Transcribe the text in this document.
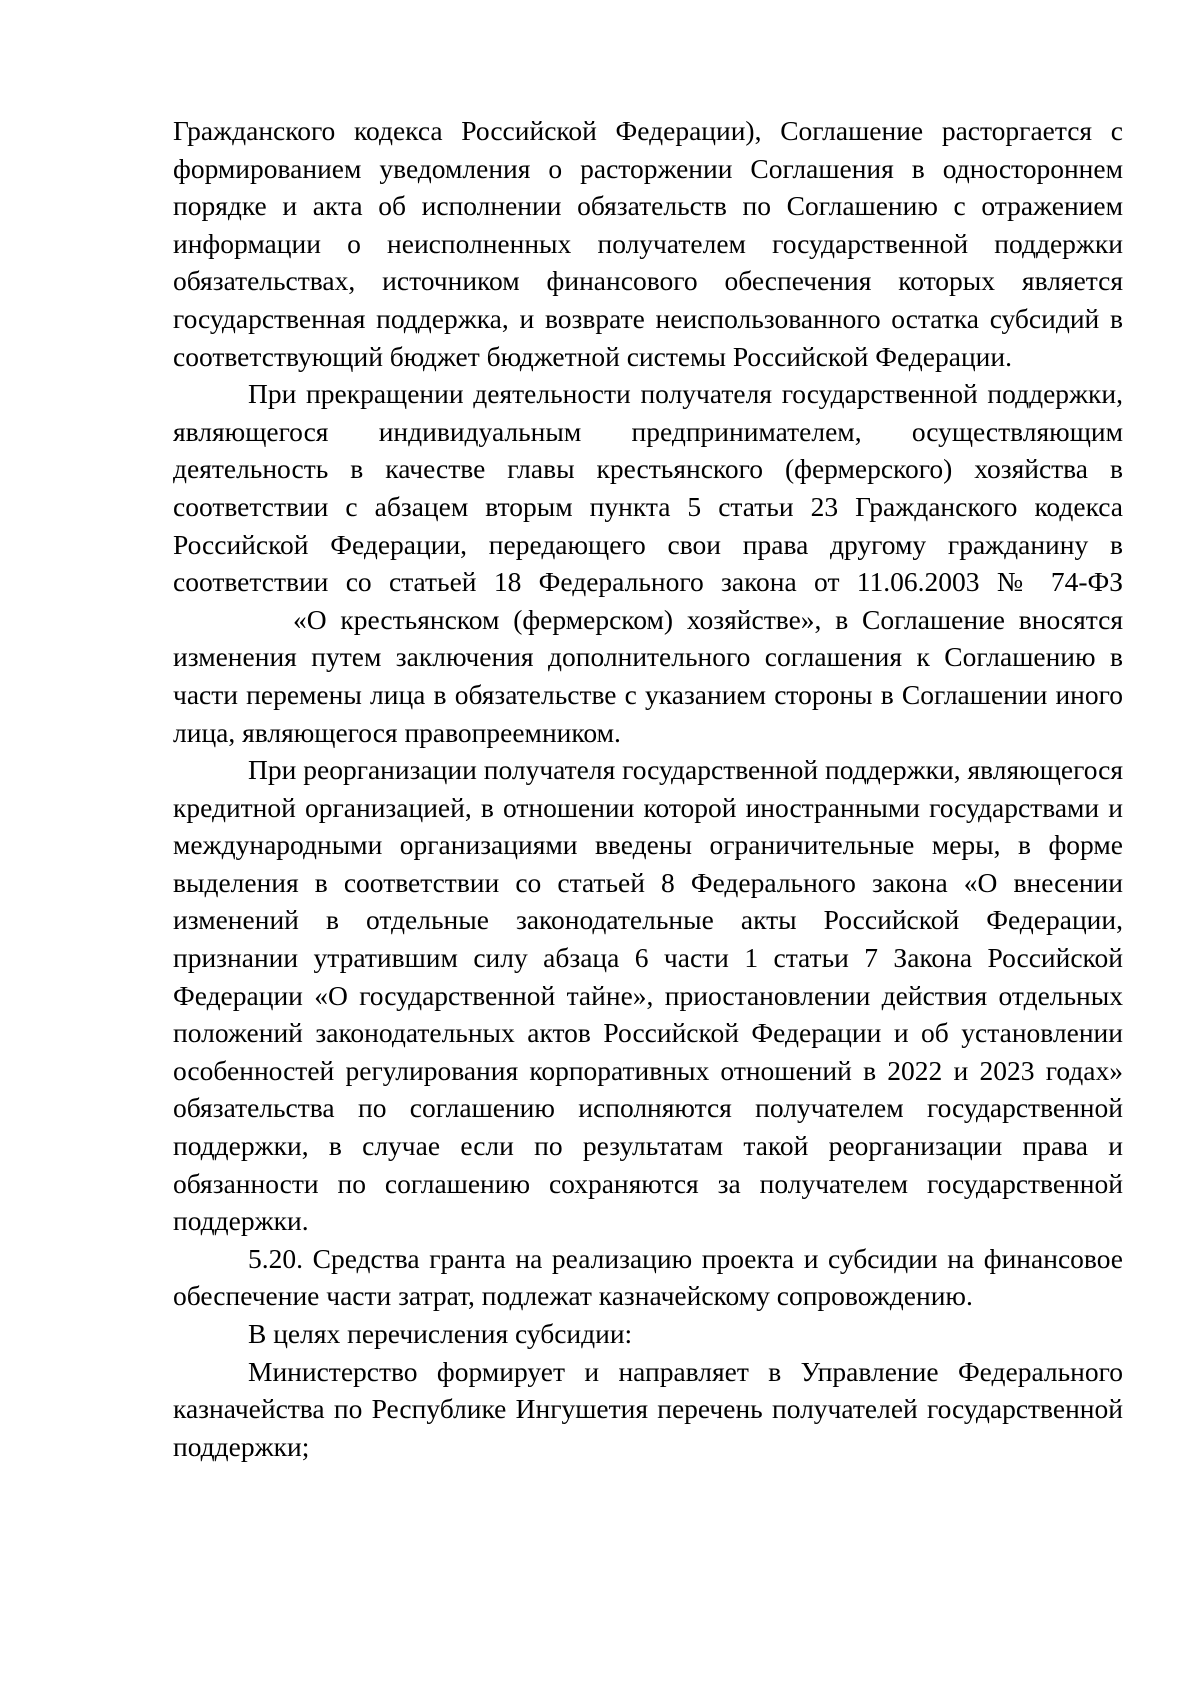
Гражданского кодекса Российской Федерации), Соглашение расторгается с формированием уведомления о расторжении Соглашения в одностороннем порядке и акта об исполнении обязательств по Соглашению с отражением информации о неисполненных получателем государственной поддержки обязательствах, источником финансового обеспечения которых является государственная поддержка, и возврате неиспользованного остатка субсидий в соответствующий бюджет бюджетной системы Российской Федерации.

При прекращении деятельности получателя государственной поддержки, являющегося индивидуальным предпринимателем, осуществляющим деятельность в качестве главы крестьянского (фермерского) хозяйства в соответствии с абзацем вторым пункта 5 статьи 23 Гражданского кодекса Российской Федерации, передающего свои права другому гражданину в соответствии со статьей 18 Федерального закона от 11.06.2003 № 74-ФЗ«О крестьянском (фермерском) хозяйстве», в Соглашение вносятся изменения путем заключения дополнительного соглашения к Соглашению в части перемены лица в обязательстве с указанием стороны в Соглашении иного лица, являющегося правопреемником.

При реорганизации получателя государственной поддержки, являющегося кредитной организацией, в отношении которой иностранными государствами и международными организациями введены ограничительные меры, в форме выделения в соответствии со статьей 8 Федерального закона «О внесении изменений в отдельные законодательные акты Российской Федерации, признании утратившим силу абзаца 6 части 1 статьи 7 Закона Российской Федерации «О государственной тайне», приостановлении действия отдельных положений законодательных актов Российской Федерации и об установлении особенностей регулирования корпоративных отношений в 2022 и 2023 годах» обязательства по соглашению исполняются получателем государственной поддержки, в случае если по результатам такой реорганизации права и обязанности по соглашению сохраняются за получателем государственной поддержки.

5.20. Средства гранта на реализацию проекта и субсидии на финансовое обеспечение части затрат, подлежат казначейскому сопровождению.

В целях перечисления субсидии:

Министерство формирует и направляет в Управление Федерального казначейства по Республике Ингушетия перечень получателей государственной поддержки;
